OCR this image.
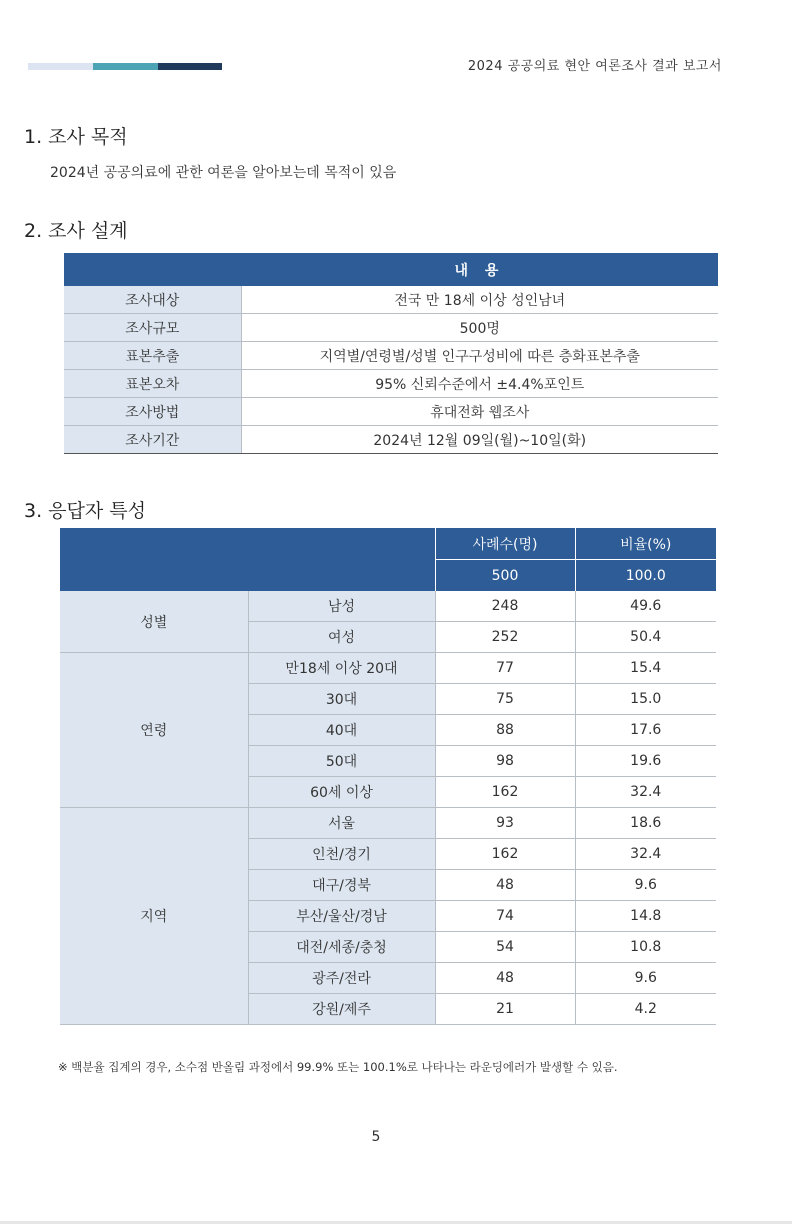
2024 공공의료 현안 여론조사 결과 보고서
1. 조사 목적
2024년 공공의료에 관한 여론을 알아보는데 목적이 있음
2. 조사 설계
	내 용
조사대상	전국 만 18세 이상 성인남녀
조사규모	500명
표본추출	지역별/연령별/성별 인구구성비에 따른 층화표본추출
표본오차	95% 신뢰수준에서 ±4.4%포인트
조사방법	휴대전화 웹조사
조사기간	2024년 12월 09일(월)~10일(화)
3. 응답자 특성
		사례수(명)	비율(%)
		500	100.0
성별	남성	248	49.6
	여성	252	50.4
연령	만18세 이상 20대	77	15.4
	30대	75	15.0
	40대	88	17.6
	50대	98	19.6
	60세 이상	162	32.4
지역	서울	93	18.6
	인천/경기	162	32.4
	대구/경북	48	9.6
	부산/울산/경남	74	14.8
	대전/세종/충청	54	10.8
	광주/전라	48	9.6
	강원/제주	21	4.2
※ 백분율 집계의 경우, 소수점 반올림 과정에서 99.9% 또는 100.1%로 나타나는 라운딩에러가 발생할 수 있음.
5
